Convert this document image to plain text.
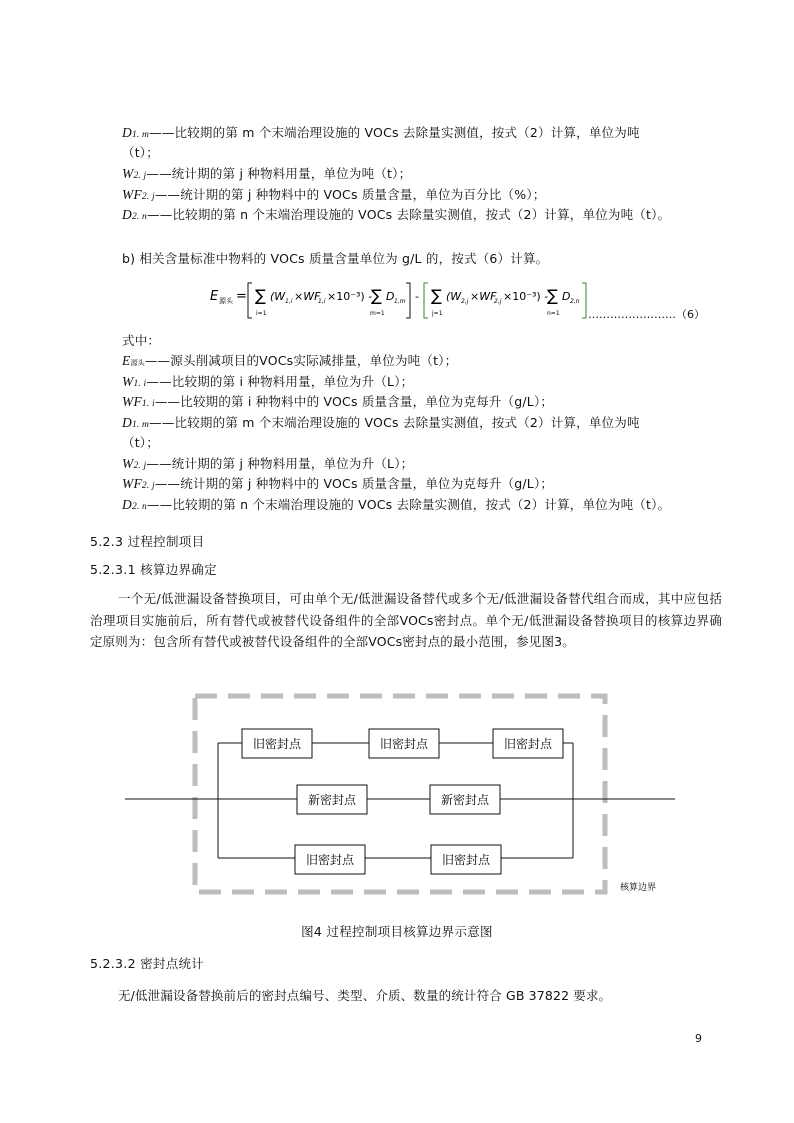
D1. m——比较期的第 m 个末端治理设施的 VOCs 去除量实测值，按式（2）计算，单位为吨
（t）；
W2. j——统计期的第 j 种物料用量，单位为吨（t）；
WF2. j——统计期的第 j 种物料中的 VOCs 质量含量，单位为百分比（%）；
D2. n——比较期的第 n 个末端治理设施的 VOCs 去除量实测值，按式（2）计算，单位为吨（t）。
b) 相关含量标准中物料的 VOCs 质量含量单位为 g/L 的，按式（6）计算。
E 源头 = ∑
i=1
(W 1,i ×WF
1,i ×10⁻³) -
∑
m=1
D 1,m - ∑
j=1
(W 2,j ×WF
2,j ×10⁻³) -
∑
n=1
D 2,n
……………………（6）
式中：
E源头——源头削减项目的VOCs实际减排量，单位为吨（t）；
W1. i——比较期的第 i 种物料用量，单位为升（L）；
WF1. i——比较期的第 i 种物料中的 VOCs 质量含量，单位为克每升（g/L）；
D1. m——比较期的第 m 个末端治理设施的 VOCs 去除量实测值，按式（2）计算，单位为吨
（t）；
W2. j——统计期的第 j 种物料用量，单位为升（L）；
WF2. j——统计期的第 j 种物料中的 VOCs 质量含量，单位为克每升（g/L）；
D2. n——比较期的第 n 个末端治理设施的 VOCs 去除量实测值，按式（2）计算，单位为吨（t）。
5.2.3 过程控制项目
5.2.3.1 核算边界确定
一个无/低泄漏设备替换项目，可由单个无/低泄漏设备替代或多个无/低泄漏设备替代组合而成，其中应包括治理项目实施前后，所有替代或被替代设备组件的全部VOCs密封点。单个无/低泄漏设备替换项目的核算边界确定原则为：包含所有替代或被替代设备组件的全部VOCs密封点的最小范围，参见图3。
旧密封点	旧密封点	旧密封点
新密封点	新密封点
旧密封点	旧密封点
核算边界
图4 过程控制项目核算边界示意图
5.2.3.2 密封点统计
无/低泄漏设备替换前后的密封点编号、类型、介质、数量的统计符合 GB 37822 要求。
9
